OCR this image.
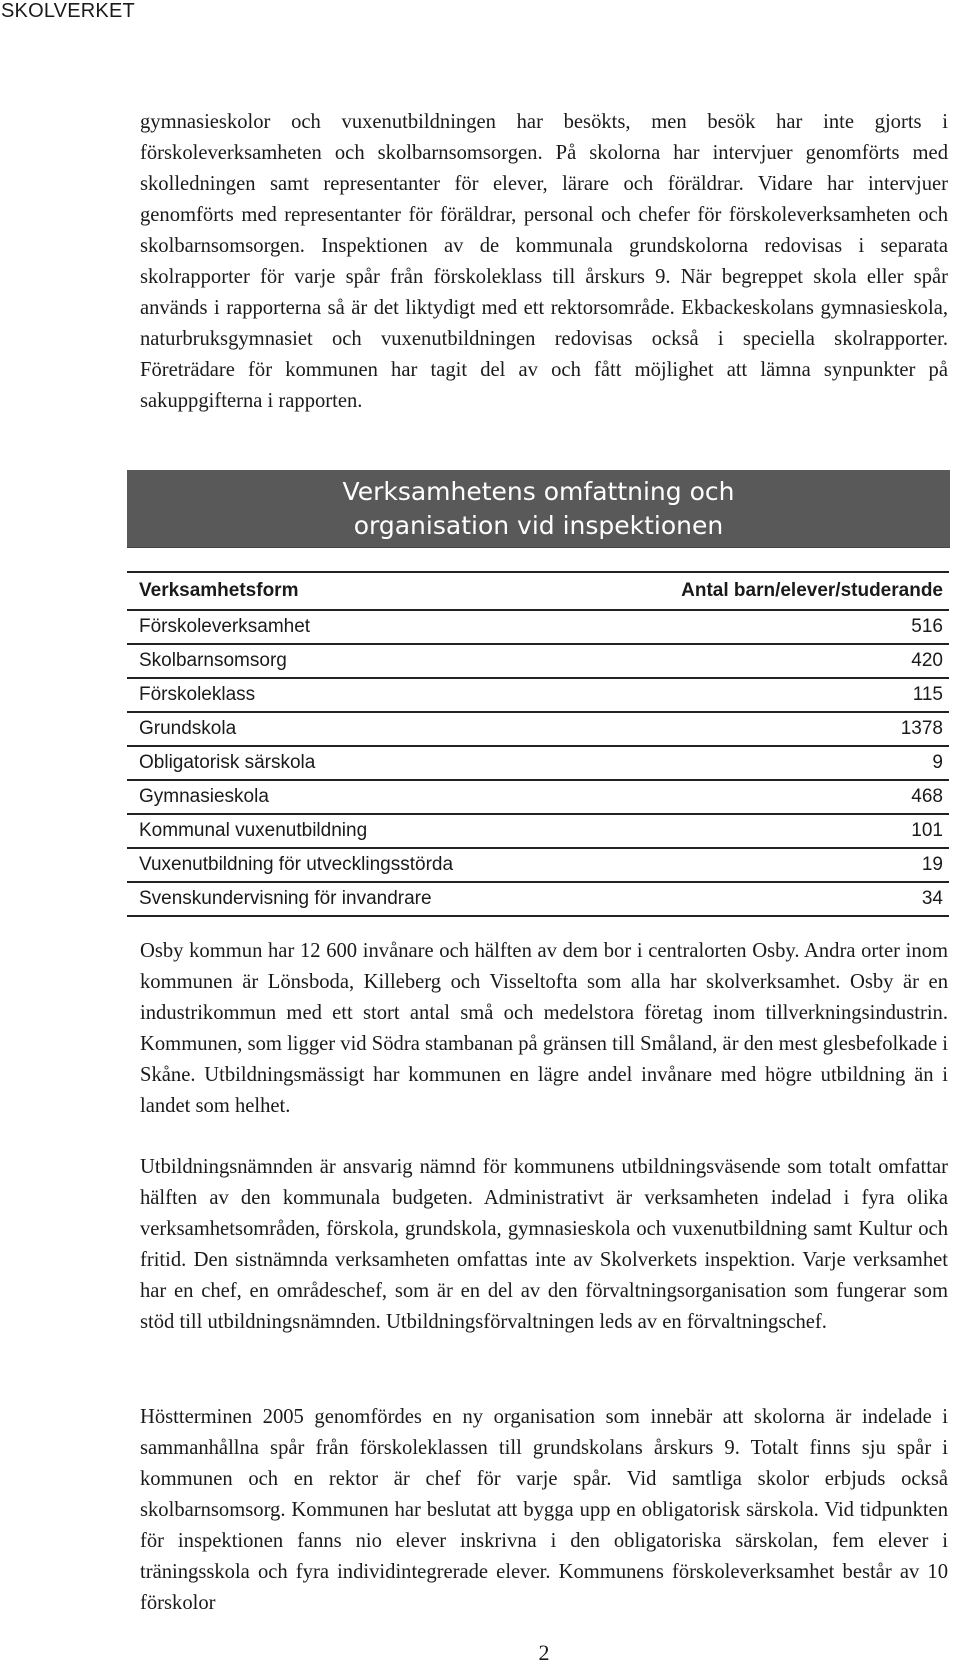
SKOLVERKET

gymnasieskolor och vuxenutbildningen har besökts, men besök har inte gjorts i förskoleverksamheten och skolbarnsomsorgen. På skolorna har intervjuer genomförts med skolledningen samt representanter för elever, lärare och föräldrar. Vidare har intervjuer genomförts med representanter för föräldrar, personal och chefer för förskoleverksamheten och skolbarnsomsorgen. Inspektionen av de kommunala grundskolorna redovisas i separata skolrapporter för varje spår från förskoleklass till årskurs 9. När begreppet skola eller spår används i rapporterna så är det liktydigt med ett rektorsområde. Ekbackeskolans gymnasieskola, naturbruksgymnasiet och vuxenutbildningen redovisas också i speciella skolrapporter. Företrädare för kommunen har tagit del av och fått möjlighet att lämna synpunkter på sakuppgifterna i rapporten.

Verksamhetens omfattning och
organisation vid inspektionen
Verksamhetsform	Antal barn/elever/studerande
Förskoleverksamhet	516
Skolbarnsomsorg	420
Förskoleklass	115
Grundskola	1378
Obligatorisk särskola	9
Gymnasieskola	468
Kommunal vuxenutbildning	101
Vuxenutbildning för utvecklingsstörda	19
Svenskundervisning för invandrare	34

Osby kommun har 12 600 invånare och hälften av dem bor i centralorten Osby. Andra orter inom kommunen är Lönsboda, Killeberg och Visseltofta som alla har skolverksamhet. Osby är en industrikommun med ett stort antal små och medelstora företag inom tillverkningsindustrin. Kommunen, som ligger vid Södra stambanan på gränsen till Småland, är den mest glesbefolkade i Skåne. Utbildningsmässigt har kommunen en lägre andel invånare med högre utbildning än i landet som helhet.

Utbildningsnämnden är ansvarig nämnd för kommunens utbildningsväsende som totalt omfattar hälften av den kommunala budgeten. Administrativt är verksamheten indelad i fyra olika verksamhetsområden, förskola, grundskola, gymnasieskola och vuxenutbildning samt Kultur och fritid. Den sistnämnda verksamheten omfattas inte av Skolverkets inspektion. Varje verksamhet har en chef, en områdeschef, som är en del av den förvaltningsorganisation som fungerar som stöd till utbildningsnämnden. Utbildningsförvaltningen leds av en förvaltningschef.

Höstterminen 2005 genomfördes en ny organisation som innebär att skolorna är indelade i sammanhållna spår från förskoleklassen till grundskolans årskurs 9. Totalt finns sju spår i kommunen och en rektor är chef för varje spår. Vid samtliga skolor erbjuds också skolbarnsomsorg. Kommunen har beslutat att bygga upp en obligatorisk särskola. Vid tidpunkten för inspektionen fanns nio elever inskrivna i den obligatoriska särskolan, fem elever i träningsskola och fyra individintegrerade elever. Kommunens förskoleverksamhet består av 10 förskolor

2
